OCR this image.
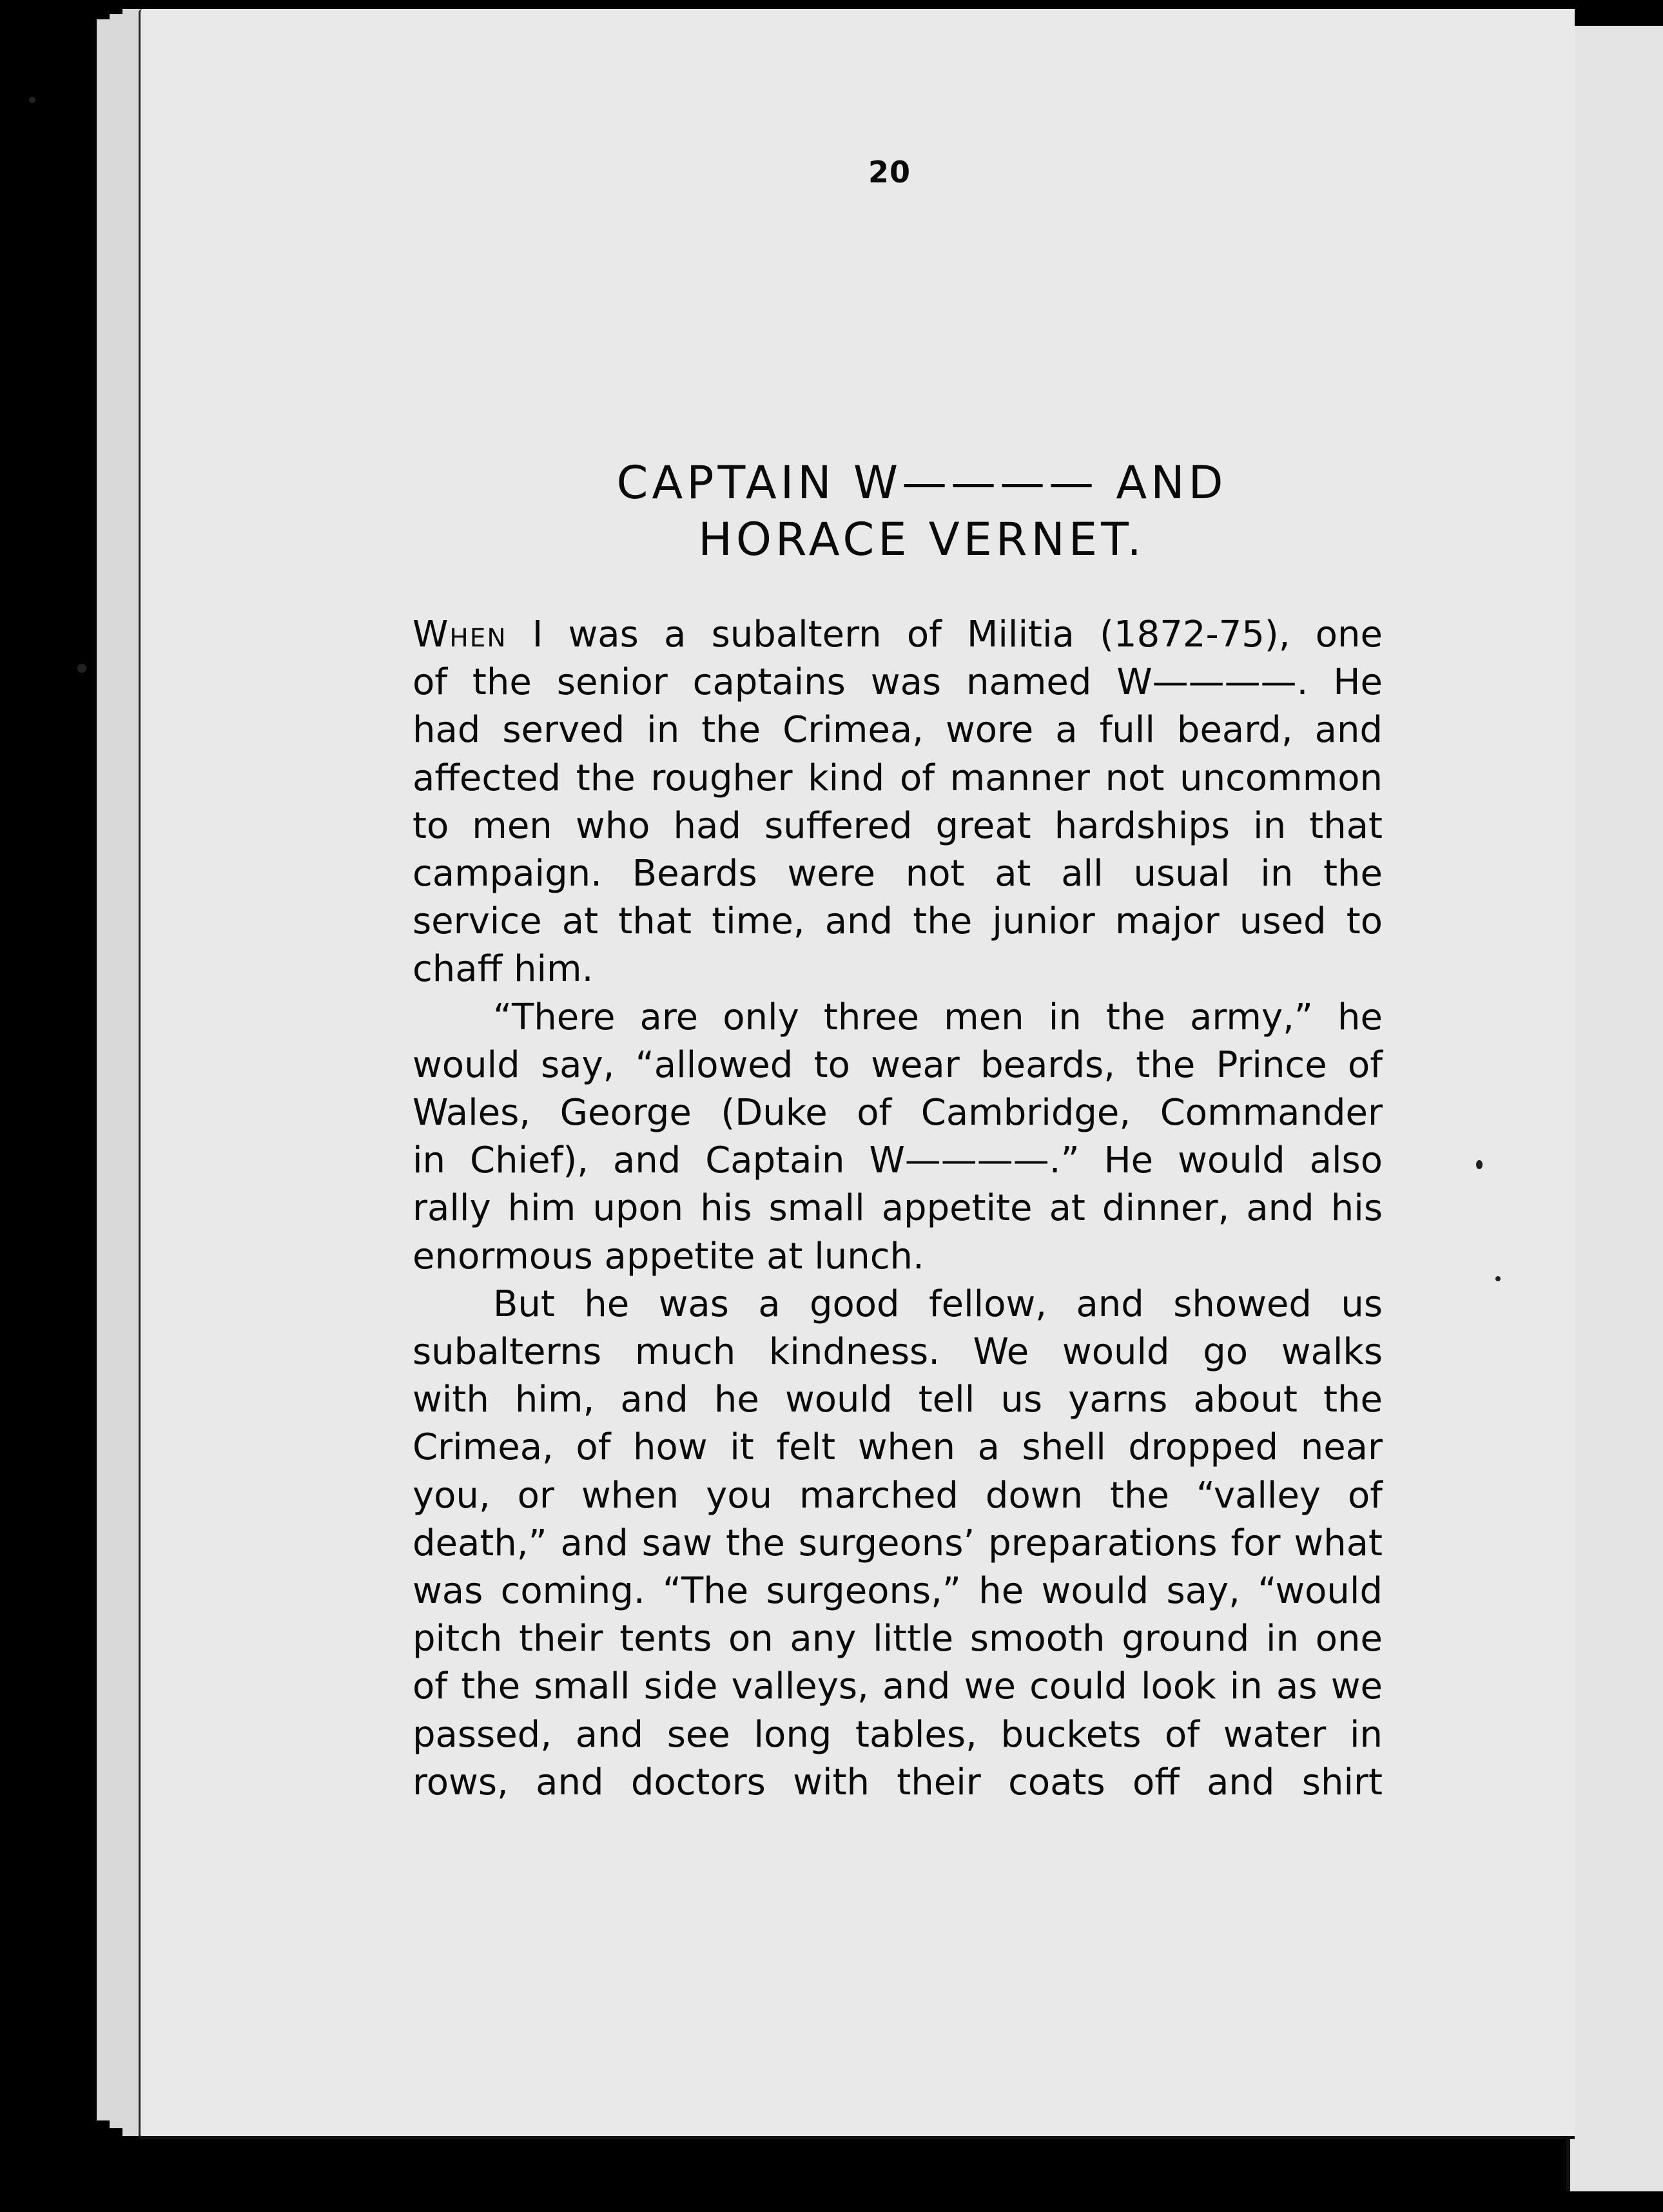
20
CAPTAIN W———— AND
HORACE VERNET.
When I was a subaltern of Militia (1872-75), one
of the senior captains was named W————. He
had served in the Crimea, wore a full beard, and
affected the rougher kind of manner not uncommon
to men who had suffered great hardships in that
campaign. Beards were not at all usual in the
service at that time, and the junior major used to
chaff him.
“There are only three men in the army,” he
would say, “allowed to wear beards, the Prince of
Wales, George (Duke of Cambridge, Commander
in Chief), and Captain W————.” He would also
rally him upon his small appetite at dinner, and his
enormous appetite at lunch.
But he was a good fellow, and showed us
subalterns much kindness. We would go walks
with him, and he would tell us yarns about the
Crimea, of how it felt when a shell dropped near
you, or when you marched down the “valley of
death,” and saw the surgeons’ preparations for what
was coming. “The surgeons,” he would say, “would
pitch their tents on any little smooth ground in one
of the small side valleys, and we could look in as we
passed, and see long tables, buckets of water in
rows, and doctors with their coats off and shirt
